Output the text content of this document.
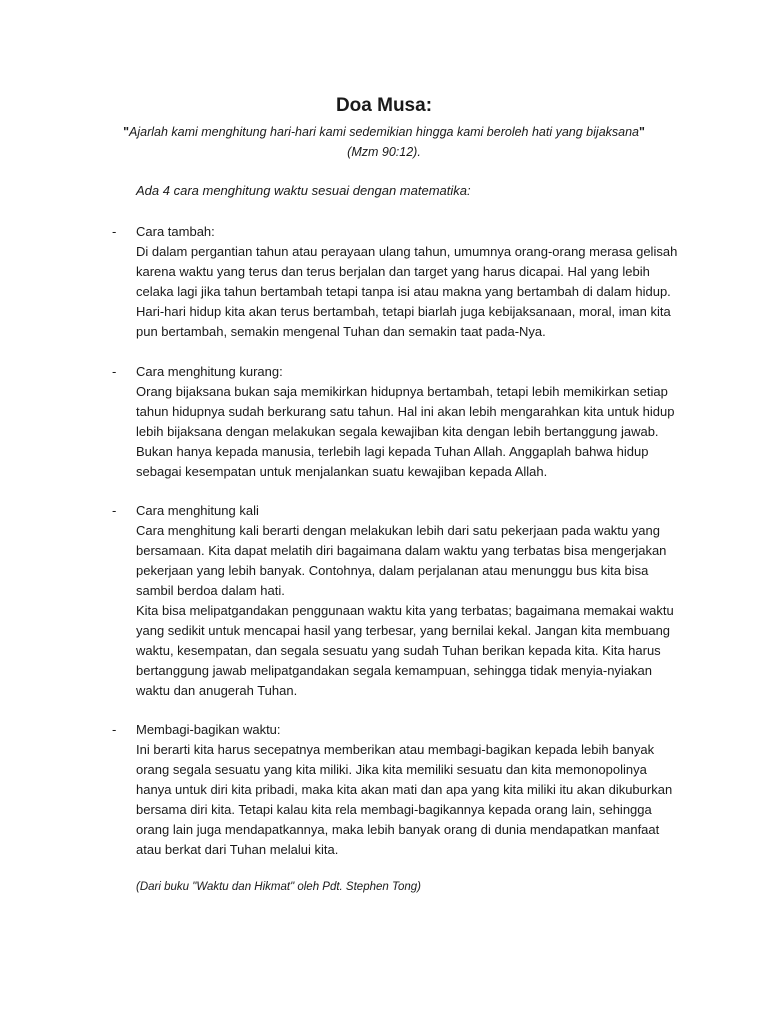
Doa Musa:
"Ajarlah kami menghitung hari-hari kami sedemikian hingga kami beroleh hati yang bijaksana"
(Mzm 90:12).
Ada 4 cara menghitung waktu sesuai dengan matematika:
-	Cara tambah:
Di dalam pergantian tahun atau perayaan ulang tahun, umumnya orang-orang merasa gelisah
karena waktu yang terus dan terus berjalan dan target yang harus dicapai. Hal yang lebih
celaka lagi jika tahun bertambah tetapi tanpa isi atau makna yang bertambah di dalam hidup.
Hari-hari hidup kita akan terus bertambah, tetapi biarlah juga kebijaksanaan, moral, iman kita
pun bertambah, semakin mengenal Tuhan dan semakin taat pada-Nya.
-	Cara menghitung kurang:
Orang bijaksana bukan saja memikirkan hidupnya bertambah, tetapi lebih memikirkan setiap
tahun hidupnya sudah berkurang satu tahun. Hal ini akan lebih mengarahkan kita untuk hidup
lebih bijaksana dengan melakukan segala kewajiban kita dengan lebih bertanggung jawab.
Bukan hanya kepada manusia, terlebih lagi kepada Tuhan Allah. Anggaplah bahwa hidup
sebagai kesempatan untuk menjalankan suatu kewajiban kepada Allah.
-	Cara menghitung kali
Cara menghitung kali berarti dengan melakukan lebih dari satu pekerjaan pada waktu yang
bersamaan. Kita dapat melatih diri bagaimana dalam waktu yang terbatas bisa mengerjakan
pekerjaan yang lebih banyak. Contohnya, dalam perjalanan atau menunggu bus kita bisa
sambil berdoa dalam hati.
Kita bisa melipatgandakan penggunaan waktu kita yang terbatas; bagaimana memakai waktu
yang sedikit untuk mencapai hasil yang terbesar, yang bernilai kekal. Jangan kita membuang
waktu, kesempatan, dan segala sesuatu yang sudah Tuhan berikan kepada kita. Kita harus
bertanggung jawab melipatgandakan segala kemampuan, sehingga tidak menyia-nyiakan
waktu dan anugerah Tuhan.
-	Membagi-bagikan waktu:
Ini berarti kita harus secepatnya memberikan atau membagi-bagikan kepada lebih banyak
orang segala sesuatu yang kita miliki. Jika kita memiliki sesuatu dan kita memonopolinya
hanya untuk diri kita pribadi, maka kita akan mati dan apa yang kita miliki itu akan dikuburkan
bersama diri kita. Tetapi kalau kita rela membagi-bagikannya kepada orang lain, sehingga
orang lain juga mendapatkannya, maka lebih banyak orang di dunia mendapatkan manfaat
atau berkat dari Tuhan melalui kita.
(Dari buku "Waktu dan Hikmat" oleh Pdt. Stephen Tong)
